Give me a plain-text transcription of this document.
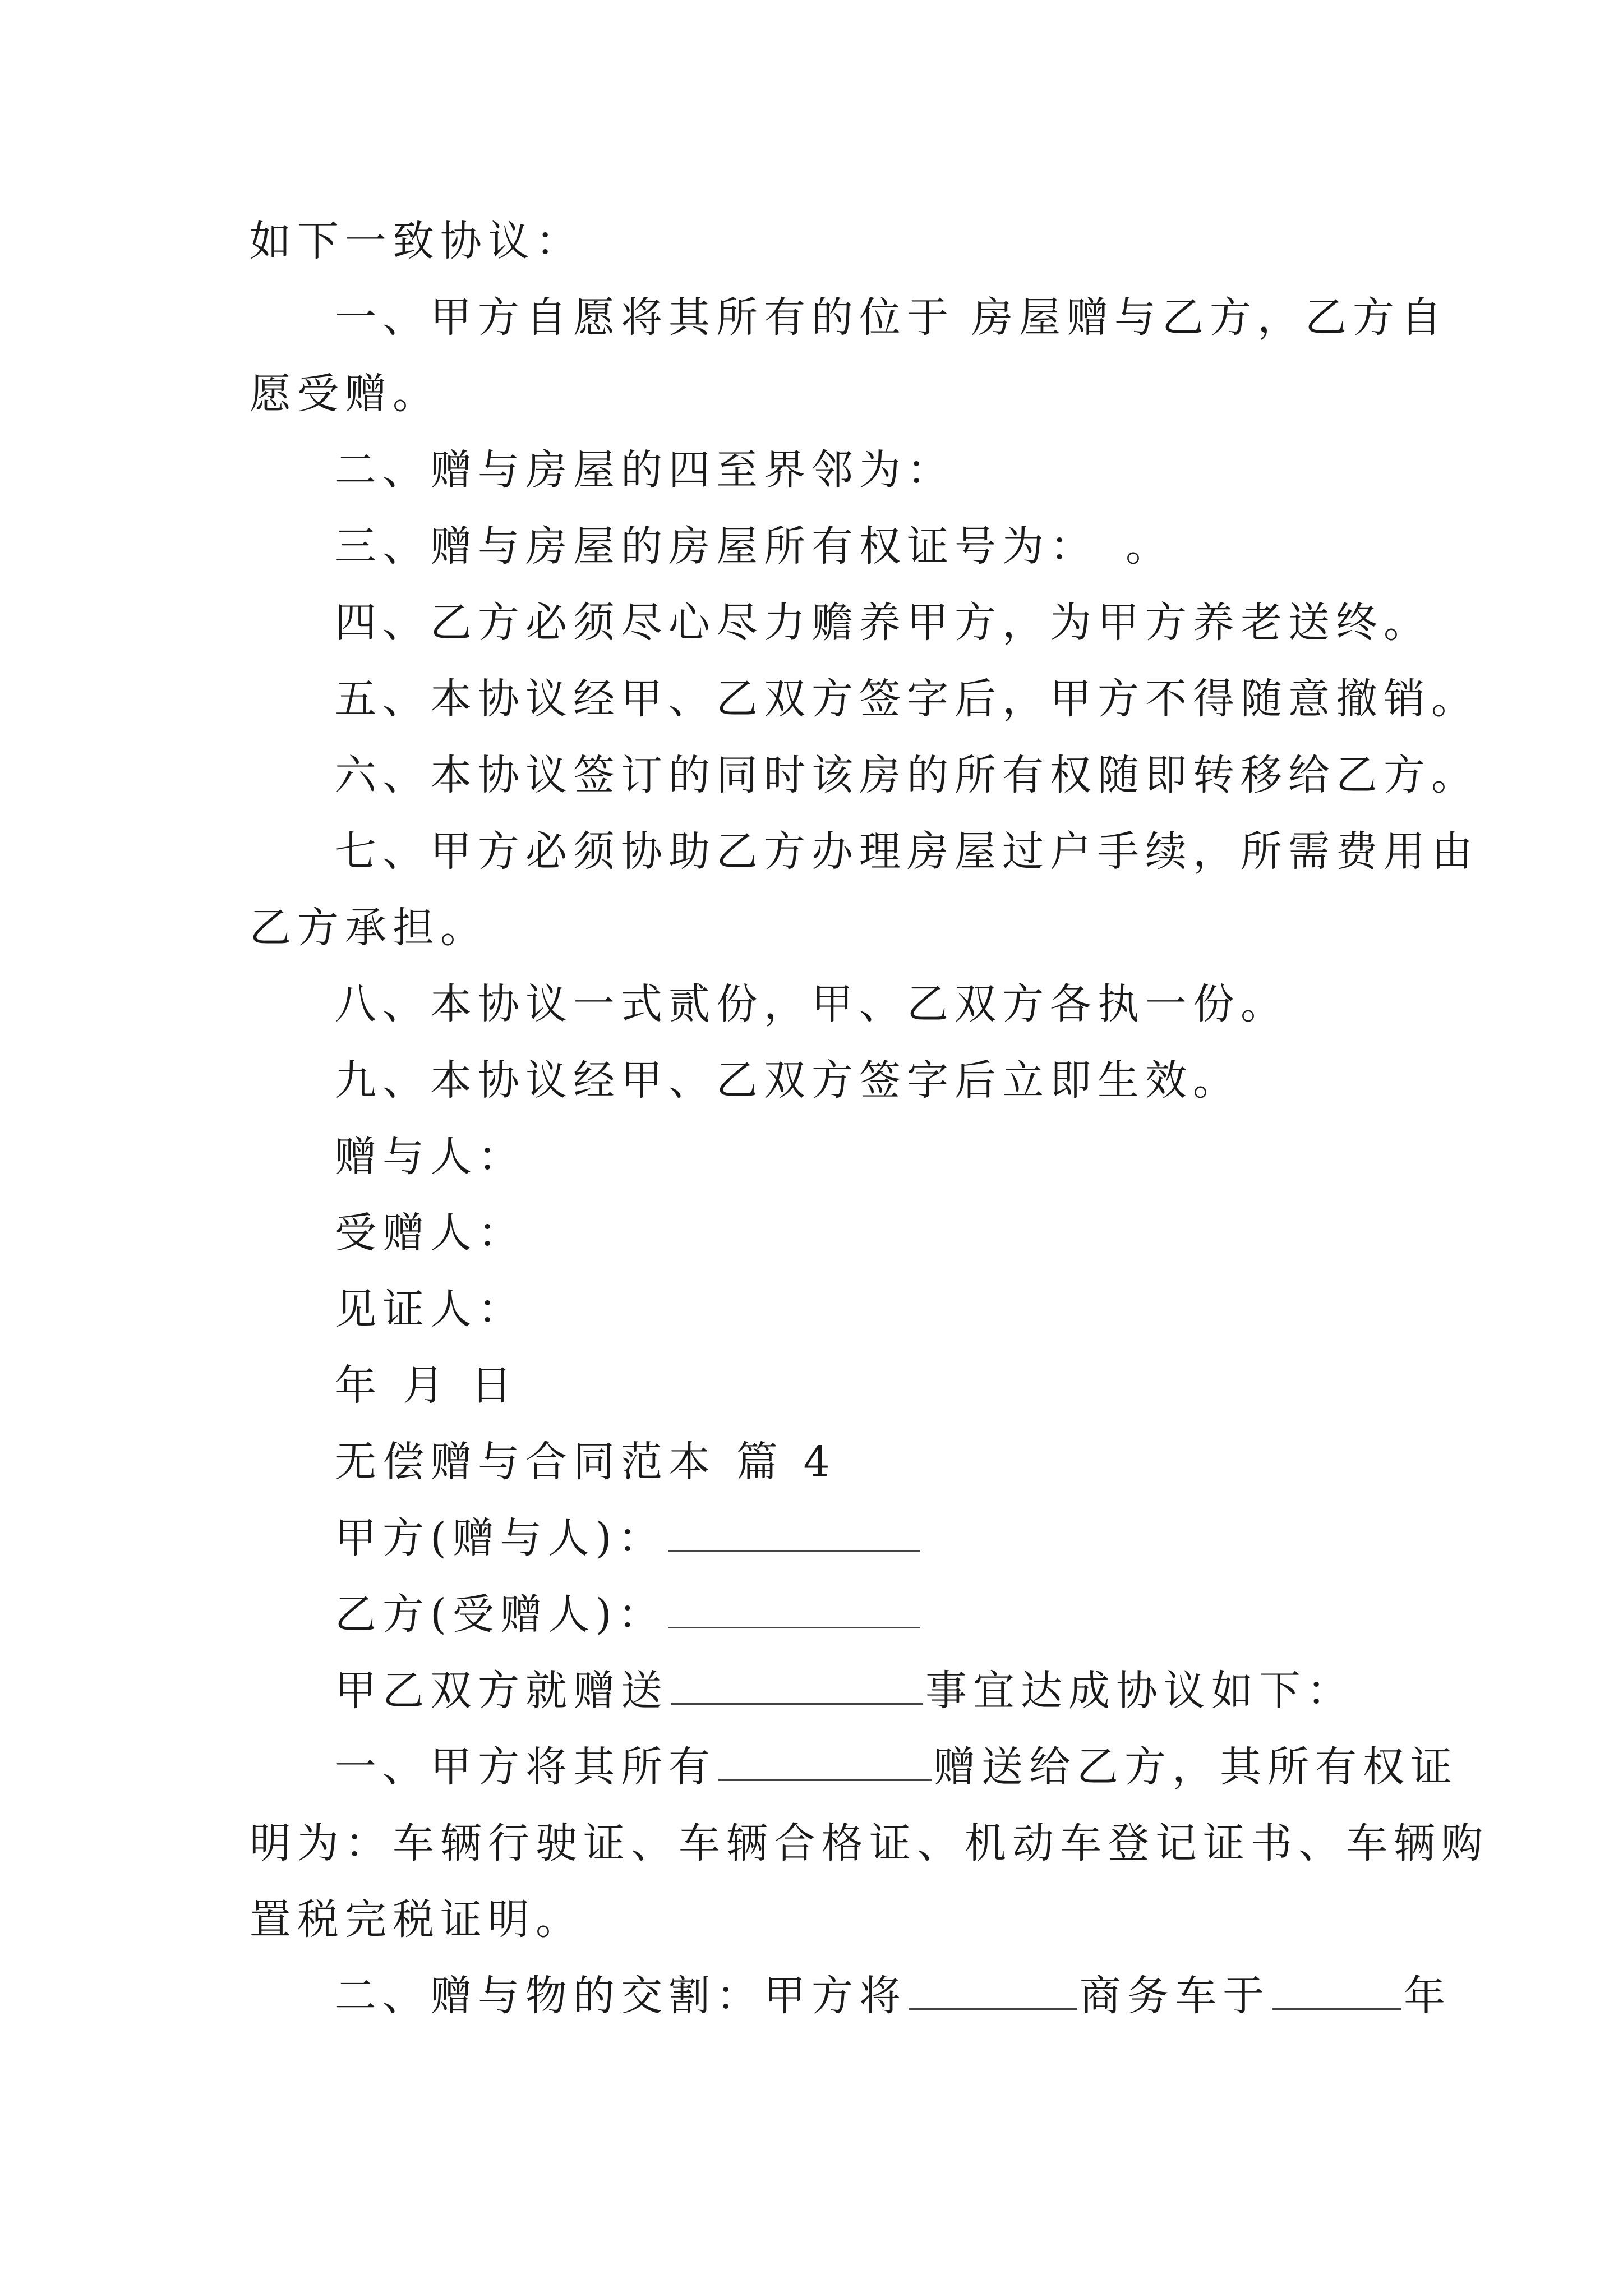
如下一致协议：
一、甲方自愿将其所有的位于 房屋赠与乙方，乙方自
愿受赠。
二、赠与房屋的四至界邻为：
三、赠与房屋的房屋所有权证号为： 。
四、乙方必须尽心尽力赡养甲方，为甲方养老送终。
五、本协议经甲、乙双方签字后，甲方不得随意撤销。
六、本协议签订的同时该房的所有权随即转移给乙方。
七、甲方必须协助乙方办理房屋过户手续，所需费用由
乙方承担。
八、本协议一式贰份，甲、乙双方各执一份。
九、本协议经甲、乙双方签字后立即生效。
赠与人：
受赠人：
见证人：
年 月 日
无偿赠与合同范本 篇 4
甲方(赠与人)：
乙方(受赠人)：
甲乙双方就赠送	事宜达成协议如下：
一、甲方将其所有	赠送给乙方，其所有权证
明为：车辆行驶证、车辆合格证、机动车登记证书、车辆购
置税完税证明。
二、赠与物的交割：甲方将	商务车于	年
